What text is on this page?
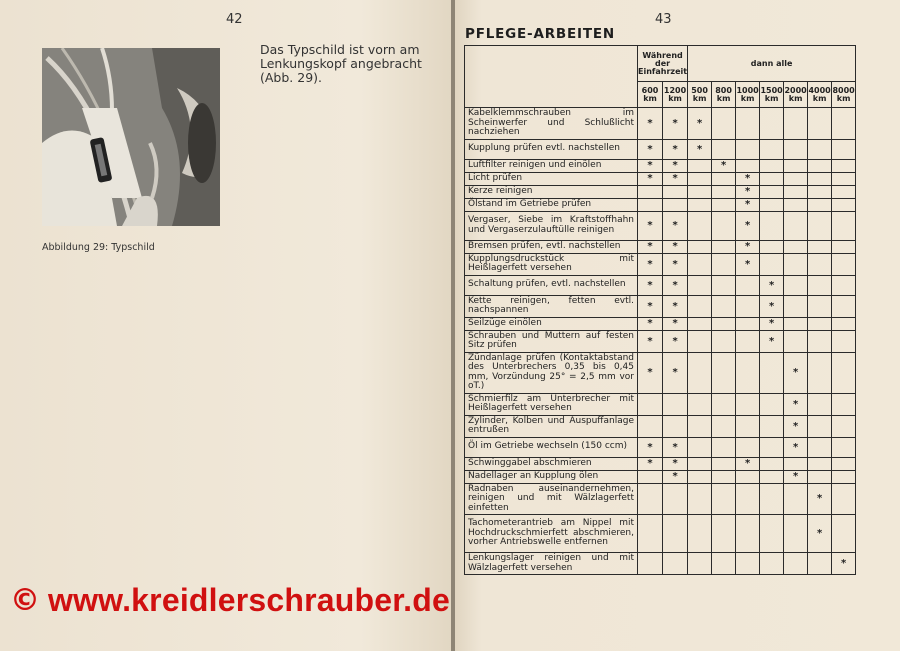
42
Abbildung 29: Typschild
Das Typschild ist vorn am Lenkungskopf angebracht (Abb. 29).
© www.kreidlerschrauber.de
43
PFLEGE-ARBEITEN
	Während der Einfahrzeit		dann alle						
	600 km	1200 km	500 km	800 km	1000 km	1500 km	2000 km	4000 km	8000 km
Kabelklemmschrauben im Scheinwerfer und Schlußlicht nachziehen	*	*	*						
Kupplung prüfen evtl. nachstellen	*	*	*						
Luftfilter reinigen und einölen	*	*		*					
Licht prüfen	*	*			*				
Kerze reinigen					*				
Ölstand im Getriebe prüfen					*				
Vergaser, Siebe im Kraftstoffhahn und Vergaserzulauftülle reinigen	*	*			*				
Bremsen prüfen, evtl. nachstellen	*	*			*				
Kupplungsdruckstück mit Heißlagerfett versehen	*	*			*				
Schaltung prüfen, evtl. nachstellen	*	*				*			
Kette reinigen, fetten evtl. nachspannen	*	*				*			
Seilzüge einölen	*	*				*			
Schrauben und Muttern auf festen Sitz prüfen	*	*				*			
Zündanlage prüfen (Kontaktabstand des Unterbrechers 0,35 bis 0,45 mm, Vorzündung 25° = 2,5 mm vor oT.)	*	*					*		
Schmierfilz am Unterbrecher mit Heißlagerfett versehen							*		
Zylinder, Kolben und Auspuffanlage entrußen							*		
Öl im Getriebe wechseln (150 ccm)	*	*					*		
Schwinggabel abschmieren	*	*			*				
Nadellager an Kupplung ölen		*					*		
Radnaben auseinandernehmen, reinigen und mit Wälzlagerfett einfetten								*	
Tachometerantrieb am Nippel mit Hochdruckschmierfett abschmieren, vorher Antriebswelle entfernen								*	
Lenkungslager reinigen und mit Wälzlagerfett versehen									*
